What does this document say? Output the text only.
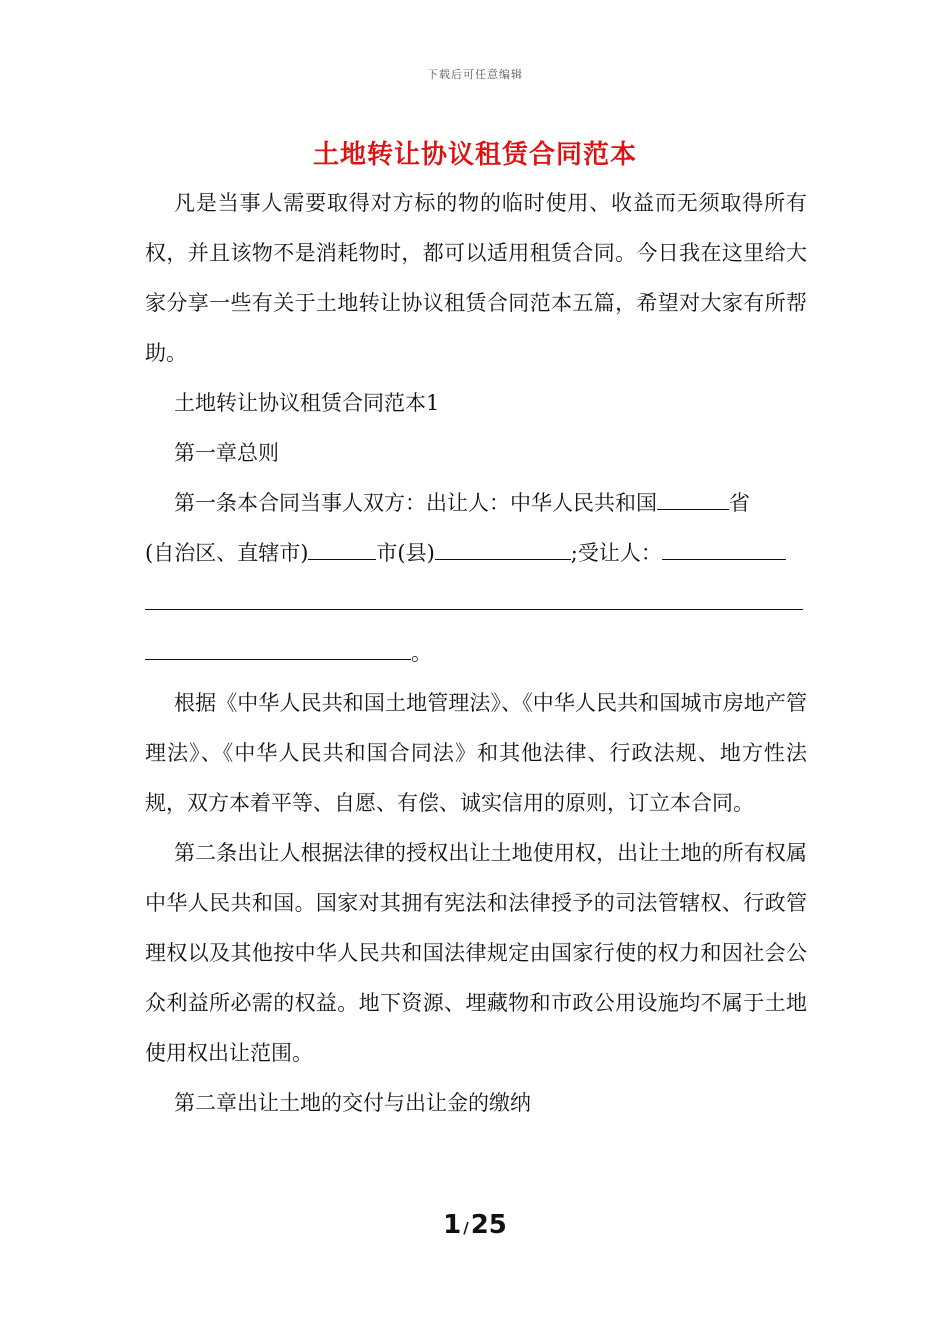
下载后可任意编辑
土地转让协议租赁合同范本

凡是当事人需要取得对方标的物的临时使用、收益而无须取得所有权，并且该物不是消耗物时，都可以适用租赁合同。今日我在这里给大家分享一些有关于土地转让协议租赁合同范本五篇，希望对大家有所帮助。

土地转让协议租赁合同范本1

第一章总则

第一条本合同当事人双方：出让人：中华人民共和国	省
(自治区、直辖市)	市(县)	;受让人：
。

根据《中华人民共和国土地管理法》、《中华人民共和国城市房地产管理法》、《中华人民共和国合同法》和其他法律、行政法规、地方性法规，双方本着平等、自愿、有偿、诚实信用的原则，订立本合同。

第二条出让人根据法律的授权出让土地使用权，出让土地的所有权属中华人民共和国。国家对其拥有宪法和法律授予的司法管辖权、行政管理权以及其他按中华人民共和国法律规定由国家行使的权力和因社会公众利益所必需的权益。地下资源、埋藏物和市政公用设施均不属于土地使用权出让范围。

第二章出让土地的交付与出让金的缴纳

1 /25
